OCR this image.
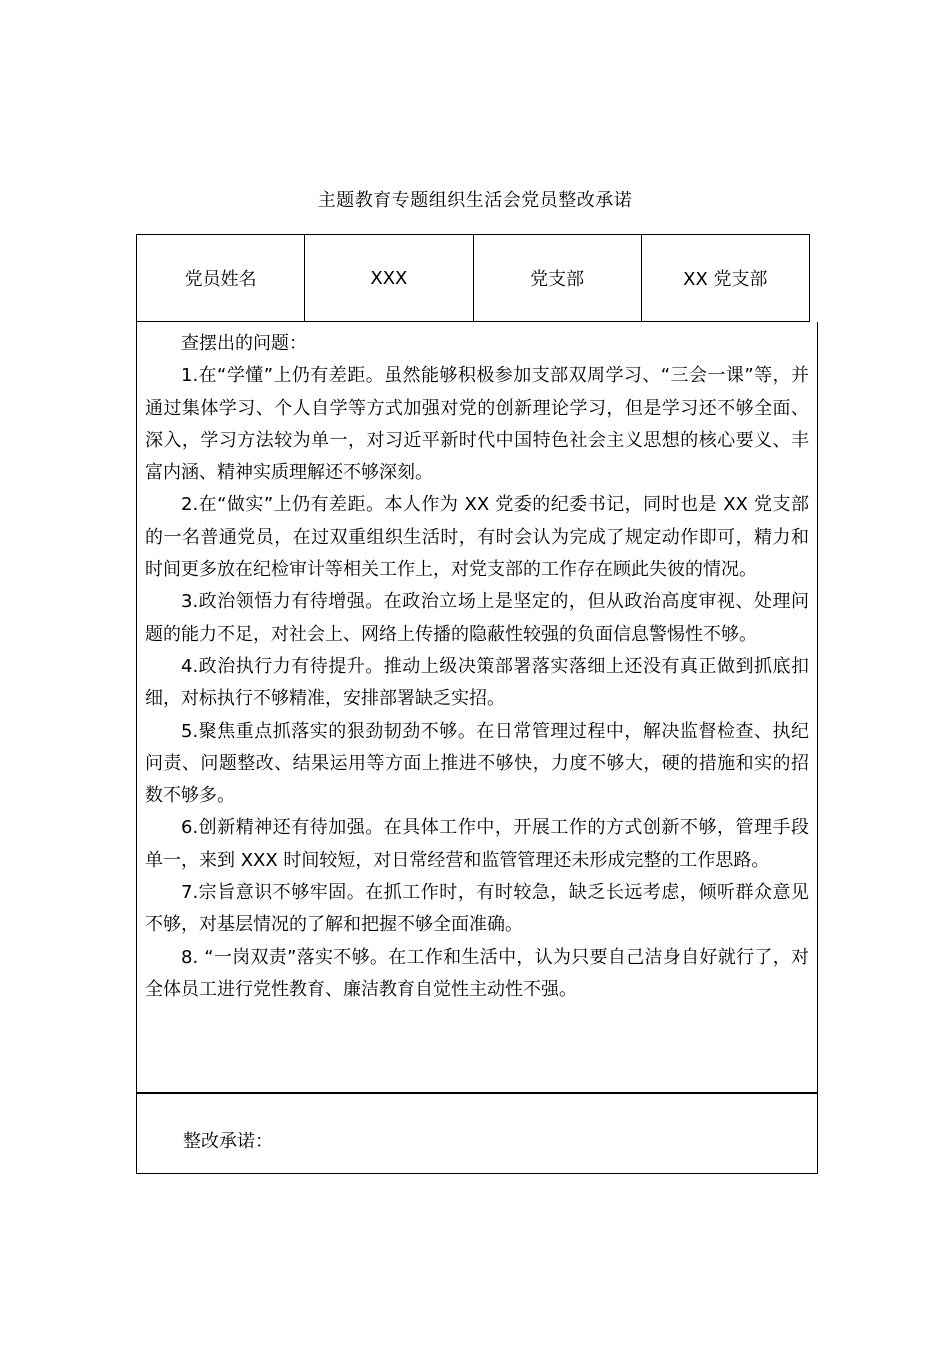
主题教育专题组织生活会党员整改承诺
党员姓名	XXX	党支部	XX 党支部

查摆出的问题：

1.在“学懂”上仍有差距。虽然能够积极参加支部双周学习、“三会一课”等，并通过集体学习、个人自学等方式加强对党的创新理论学习，但是学习还不够全面、深入，学习方法较为单一，对习近平新时代中国特色社会主义思想的核心要义、丰富内涵、精神实质理解还不够深刻。

2.在“做实”上仍有差距。本人作为 XX 党委的纪委书记，同时也是 XX 党支部的一名普通党员，在过双重组织生活时，有时会认为完成了规定动作即可，精力和时间更多放在纪检审计等相关工作上，对党支部的工作存在顾此失彼的情况。

3.政治领悟力有待增强。在政治立场上是坚定的，但从政治高度审视、处理问题的能力不足，对社会上、网络上传播的隐蔽性较强的负面信息警惕性不够。

4.政治执行力有待提升。推动上级决策部署落实落细上还没有真正做到抓底扣细，对标执行不够精准，安排部署缺乏实招。

5.聚焦重点抓落实的狠劲韧劲不够。在日常管理过程中，解决监督检查、执纪问责、问题整改、结果运用等方面上推进不够快，力度不够大，硬的措施和实的招数不够多。

6.创新精神还有待加强。在具体工作中，开展工作的方式创新不够，管理手段单一，来到 XXX 时间较短，对日常经营和监管管理还未形成完整的工作思路。

7.宗旨意识不够牢固。在抓工作时，有时较急，缺乏长远考虑，倾听群众意见不够，对基层情况的了解和把握不够全面准确。

8. “一岗双责”落实不够。在工作和生活中，认为只要自己洁身自好就行了，对全体员工进行党性教育、廉洁教育自觉性主动性不强。

整改承诺：
